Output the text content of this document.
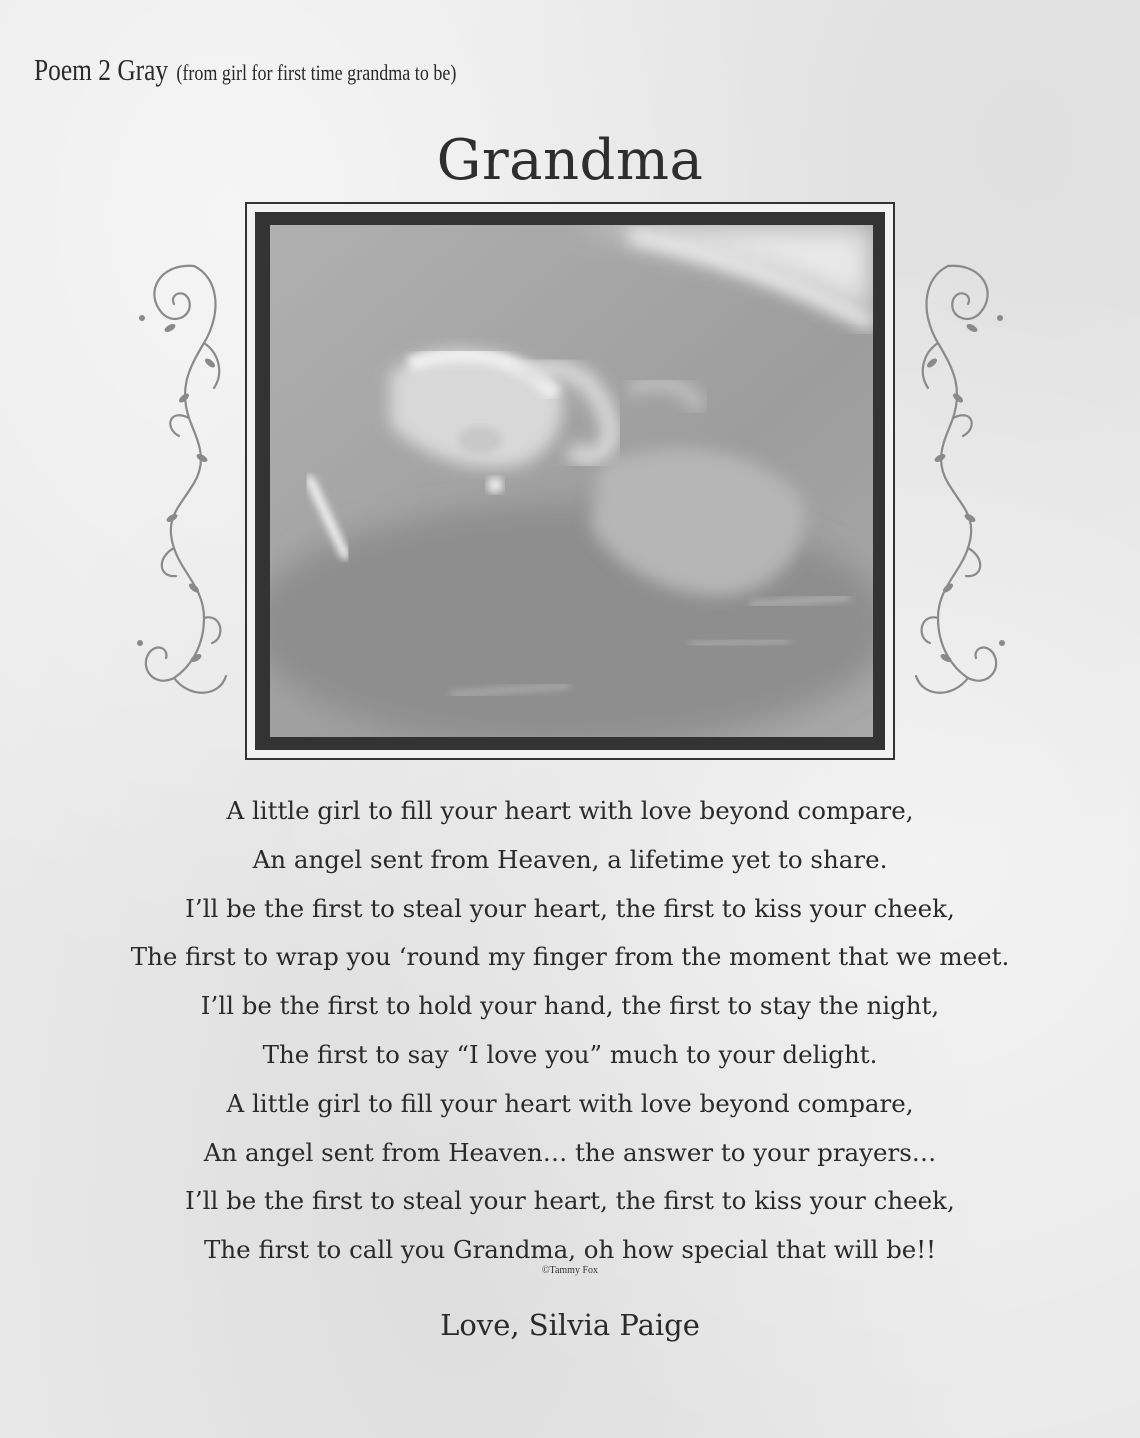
Poem 2 Gray (from girl for first time grandma to be)
Grandma
A little girl to fill your heart with love beyond compare,
An angel sent from Heaven, a lifetime yet to share.
I’ll be the first to steal your heart, the first to kiss your cheek,
The first to wrap you ‘round my finger from the moment that we meet.
I’ll be the first to hold your hand, the first to stay the night,
The first to say “I love you” much to your delight.
A little girl to fill your heart with love beyond compare,
An angel sent from Heaven… the answer to your prayers…
I’ll be the first to steal your heart, the first to kiss your cheek,
The first to call you Grandma, oh how special that will be!!
©Tammy Fox
Love, Silvia Paige
